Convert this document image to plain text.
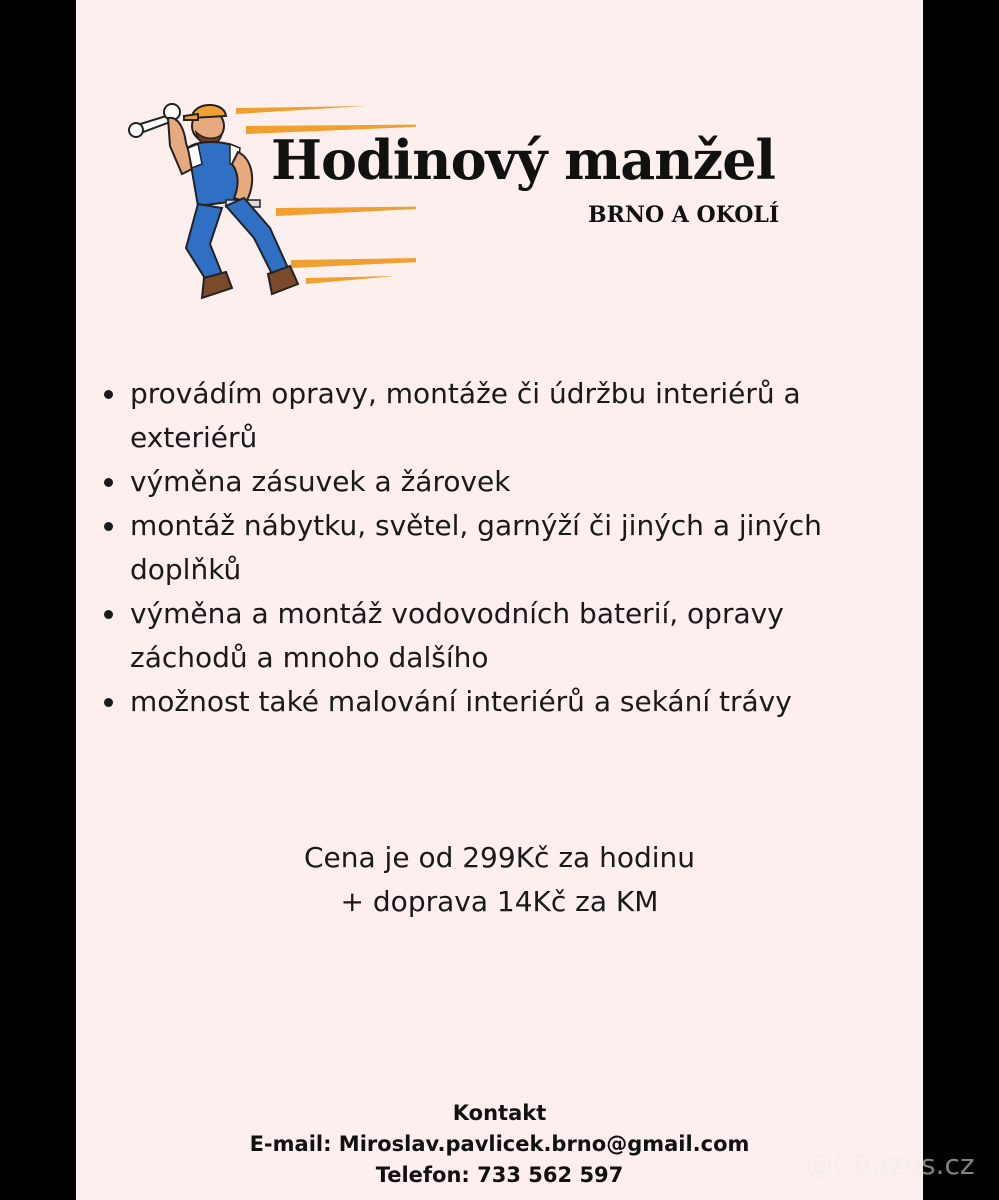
Hodinový manžel
BRNO A OKOLÍ
provádím opravy, montáže či údržbu interiérů a exteriérů
výměna zásuvek a žárovek
montáž nábytku, světel, garnýží či jiných a jiných doplňků
výměna a montáž vodovodních baterií, opravy záchodů a mnoho dalšího
možnost také malování interiérů a sekání trávy
Cena je od 299Kč za hodinu
+ doprava 14Kč za KM
Kontakt
E-mail: Miroslav.pavlicek.brno@gmail.com
Telefon: 733 562 597	@( Bazos.cz
